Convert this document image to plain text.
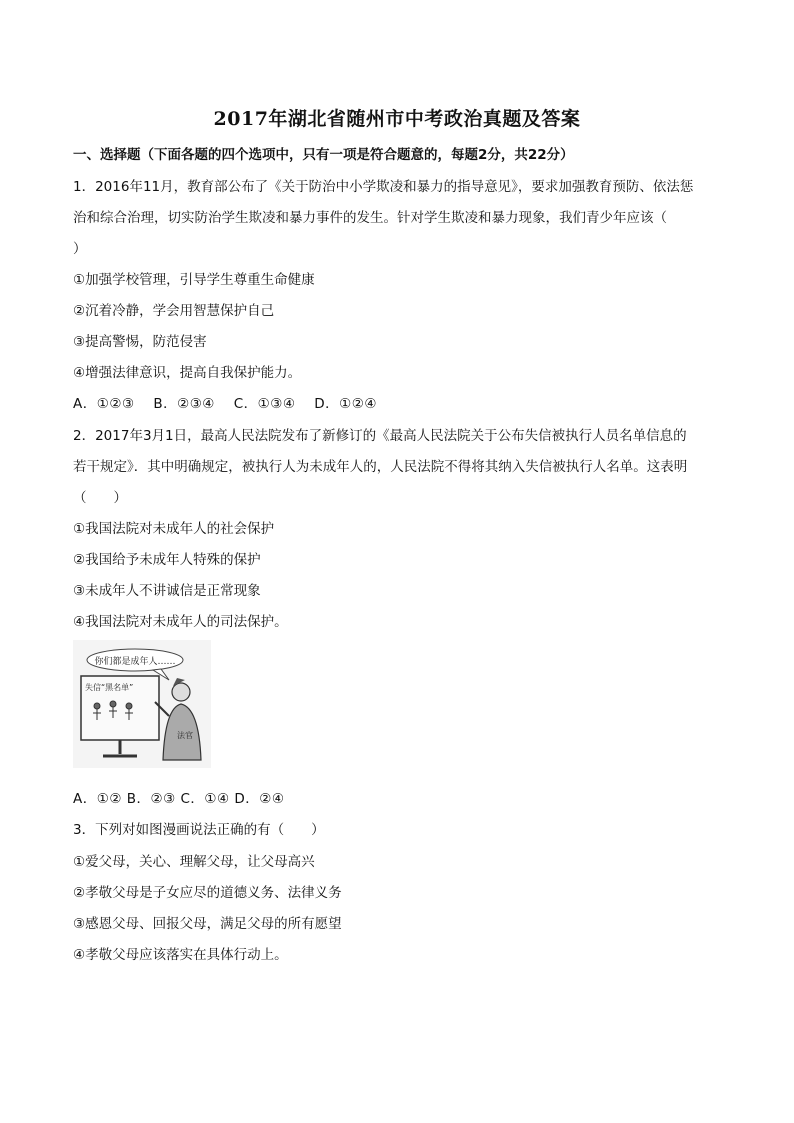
2017年湖北省随州市中考政治真题及答案
一、选择题（下面各题的四个选项中，只有一项是符合题意的，每题2分，共22分）
1．2016年11月，教育部公布了《关于防治中小学欺凌和暴力的指导意见》，要求加强教育预防、依法惩
治和综合治理，切实防治学生欺凌和暴力事件的发生。针对学生欺凌和暴力现象，我们青少年应该（
）
①加强学校管理，引导学生尊重生命健康
②沉着冷静，学会用智慧保护自己
③提高警惕，防范侵害
④增强法律意识，提高自我保护能力。
A．①②③　 B．②③④　 C．①③④　 D．①②④
2．2017年3月1日，最高人民法院发布了新修订的《最高人民法院关于公布失信被执行人员名单信息的
若干规定》．其中明确规定，被执行人为未成年人的，人民法院不得将其纳入失信被执行人名单。这表明
（　　）
①我国法院对未成年人的社会保护
②我国给予未成年人特殊的保护
③未成年人不讲诚信是正常现象
④我国法院对未成年人的司法保护。
你们都是成年人……
失信“黑名单”
法官
A．①② B．②③ C．①④ D．②④
3．下列对如图漫画说法正确的有（　　）
①爱父母，关心、理解父母，让父母高兴
②孝敬父母是子女应尽的道德义务、法律义务
③感恩父母、回报父母，满足父母的所有愿望
④孝敬父母应该落实在具体行动上。
